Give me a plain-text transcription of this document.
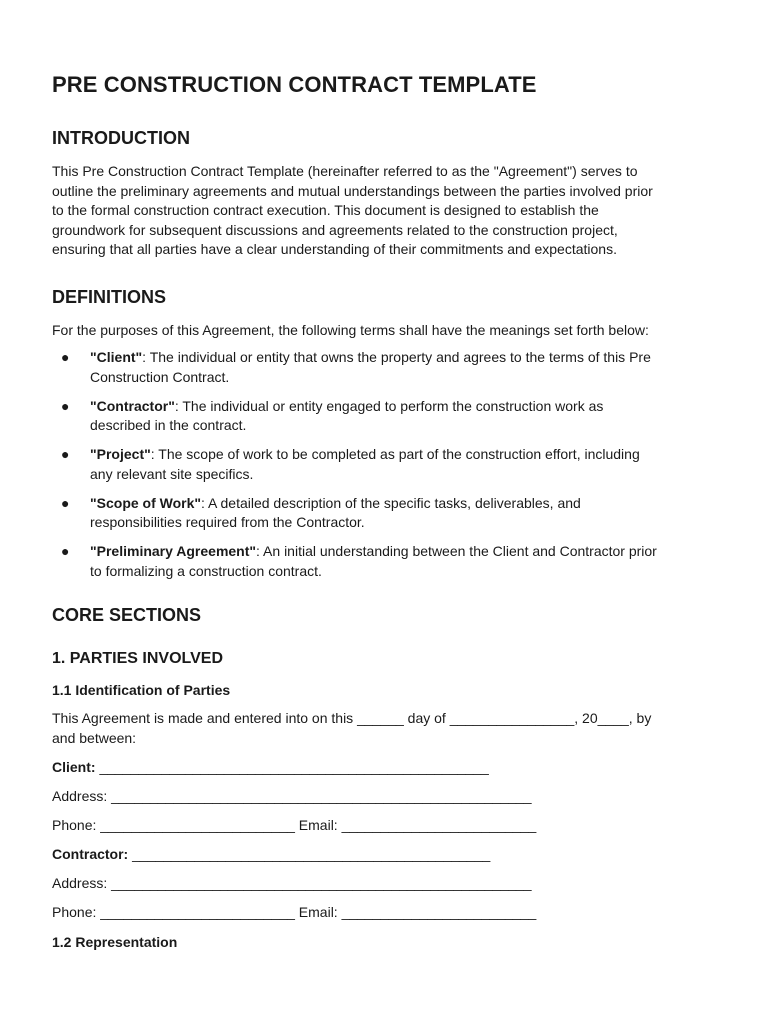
PRE CONSTRUCTION CONTRACT TEMPLATE
INTRODUCTION

This Pre Construction Contract Template (hereinafter referred to as the "Agreement") serves to
outline the preliminary agreements and mutual understandings between the parties involved prior
to the formal construction contract execution. This document is designed to establish the
groundwork for subsequent discussions and agreements related to the construction project,
ensuring that all parties have a clear understanding of their commitments and expectations.

DEFINITIONS

For the purposes of this Agreement, the following terms shall have the meanings set forth below:

● "Client": The individual or entity that owns the property and agrees to the terms of this Pre
Construction Contract.
● "Contractor": The individual or entity engaged to perform the construction work as
described in the contract.
● "Project": The scope of work to be completed as part of the construction effort, including
any relevant site specifics.
● "Scope of Work": A detailed description of the specific tasks, deliverables, and
responsibilities required from the Contractor.
● "Preliminary Agreement": An initial understanding between the Client and Contractor prior
to formalizing a construction contract.
CORE SECTIONS
1. PARTIES INVOLVED
1.1 Identification of Parties

This Agreement is made and entered into on this ______ day of ________________, 20____, by
and between:

Client: __________________________________________________
Address: ______________________________________________________
Phone: _________________________ Email: _________________________
Contractor: ______________________________________________
Address: ______________________________________________________
Phone: _________________________ Email: _________________________
1.2 Representation
